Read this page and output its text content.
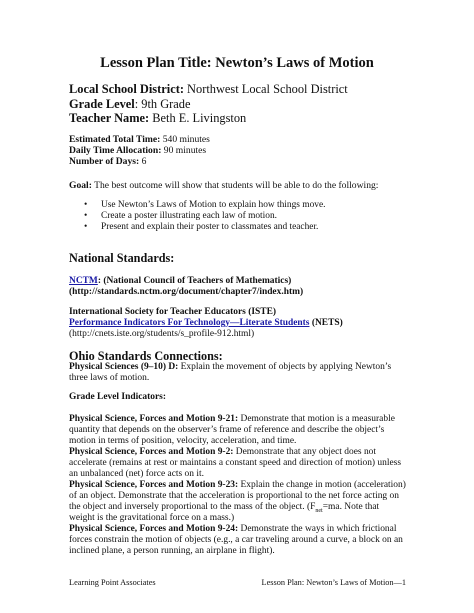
Lesson Plan Title: Newton’s Laws of Motion
Local School District: Northwest Local School District
Grade Level: 9th Grade
Teacher Name: Beth E. Livingston
Estimated Total Time: 540 minutes
Daily Time Allocation: 90 minutes
Number of Days: 6
Goal: The best outcome will show that students will be able to do the following:
• Use Newton’s Laws of Motion to explain how things move.
• Create a poster illustrating each law of motion.
• Present and explain their poster to classmates and teacher.
National Standards:
NCTM: (National Council of Teachers of Mathematics)
(http://standards.nctm.org/document/chapter7/index.htm)
International Society for Teacher Educators (ISTE)
Performance Indicators For Technology—Literate Students (NETS)
(http://cnets.iste.org/students/s_profile-912.html)
Ohio Standards Connections:
Physical Sciences (9–10) D: Explain the movement of objects by applying Newton’s
three laws of motion.
Grade Level Indicators:
Physical Science, Forces and Motion 9-21: Demonstrate that motion is a measurable
quantity that depends on the observer’s frame of reference and describe the object’s
motion in terms of position, velocity, acceleration, and time.
Physical Science, Forces and Motion 9-2: Demonstrate that any object does not
accelerate (remains at rest or maintains a constant speed and direction of motion) unless
an unbalanced (net) force acts on it.
Physical Science, Forces and Motion 9-23: Explain the change in motion (acceleration)
of an object. Demonstrate that the acceleration is proportional to the net force acting on
the object and inversely proportional to the mass of the object. ($F_{net}=ma$. Note that
weight is the gravitational force on a mass.)
Physical Science, Forces and Motion 9-24: Demonstrate the ways in which frictional
forces constrain the motion of objects (e.g., a car traveling around a curve, a block on an
inclined plane, a person running, an airplane in flight).
Learning Point Associates	Lesson Plan: Newton’s Laws of Motion—1
